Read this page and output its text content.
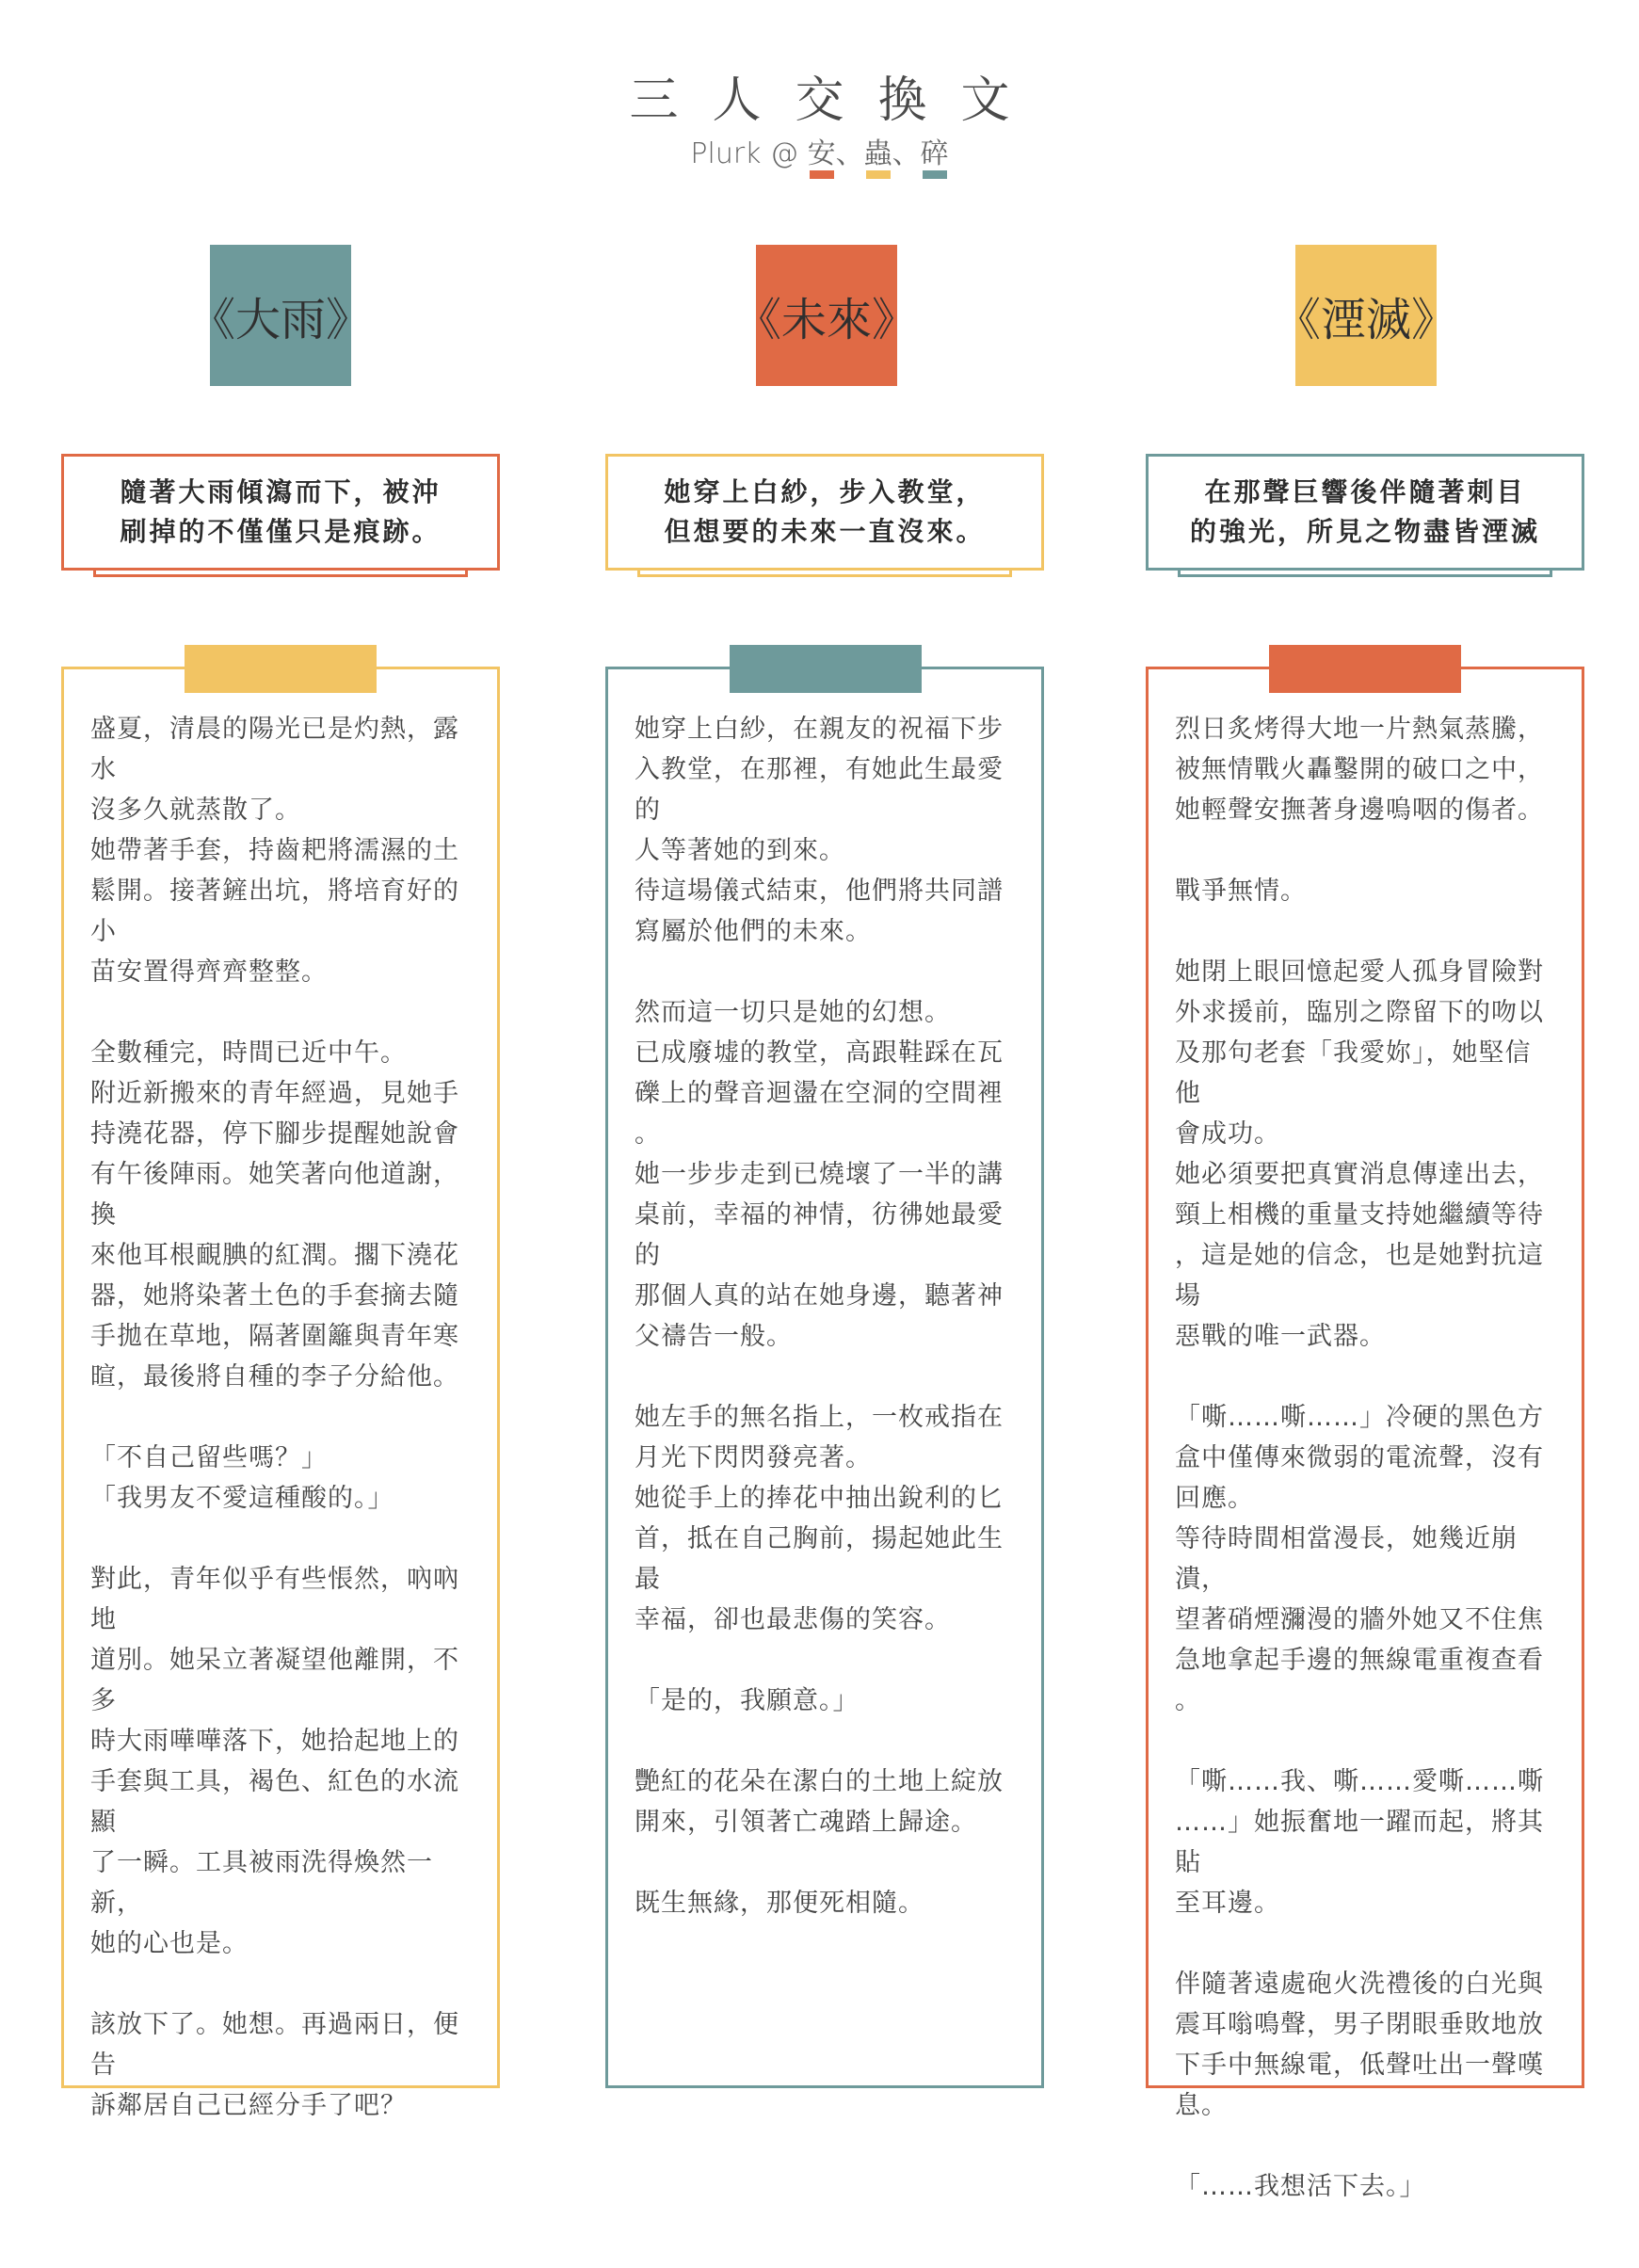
三人交換文
Plurk @ 安
、蟲
、碎
《大雨》
隨著大雨傾瀉而下，被沖
刷掉的不僅僅只是痕跡。
盛夏，清晨的陽光已是灼熱，露水
沒多久就蒸散了。
她帶著手套，持齒耙將濡濕的土
鬆開。接著鏟出坑，將培育好的小
苗安置得齊齊整整。
全數種完，時間已近中午。
附近新搬來的青年經過，見她手
持澆花器，停下腳步提醒她說會
有午後陣雨。她笑著向他道謝，換
來他耳根靦腆的紅潤。擱下澆花
器，她將染著土色的手套摘去隨
手拋在草地，隔著圍籬與青年寒
暄，最後將自種的李子分給他。
「不自己留些嗎？」
「我男友不愛這種酸的。」
對此，青年似乎有些悵然，吶吶地
道別。她呆立著凝望他離開，不多
時大雨嘩嘩落下，她拾起地上的
手套與工具，褐色、紅色的水流顯
了一瞬。工具被雨洗得煥然一新，
她的心也是。
該放下了。她想。再過兩日，便告
訴鄰居自己已經分手了吧？
《未來》
她穿上白紗，步入教堂，
但想要的未來一直沒來。
她穿上白紗，在親友的祝福下步
入教堂，在那裡，有她此生最愛的
人等著她的到來。
待這場儀式結束，他們將共同譜
寫屬於他們的未來。
然而這一切只是她的幻想。
已成廢墟的教堂，高跟鞋踩在瓦
礫上的聲音迴盪在空洞的空間裡
。
她一步步走到已燒壞了一半的講
桌前，幸福的神情，彷彿她最愛的
那個人真的站在她身邊，聽著神
父禱告一般。
她左手的無名指上，一枚戒指在
月光下閃閃發亮著。
她從手上的捧花中抽出銳利的匕
首，抵在自己胸前，揚起她此生最
幸福，卻也最悲傷的笑容。
「是的，我願意。」
艷紅的花朵在潔白的土地上綻放
開來，引領著亡魂踏上歸途。
既生無緣，那便死相隨。
《湮滅》
在那聲巨響後伴隨著刺目
的強光，所見之物盡皆湮滅
烈日炙烤得大地一片熱氣蒸騰，
被無情戰火轟鑿開的破口之中，
她輕聲安撫著身邊嗚咽的傷者。
戰爭無情。
她閉上眼回憶起愛人孤身冒險對
外求援前，臨別之際留下的吻以
及那句老套「我愛妳」，她堅信他
會成功。
她必須要把真實消息傳達出去，
頸上相機的重量支持她繼續等待
，這是她的信念，也是她對抗這場
惡戰的唯一武器。
「嘶……嘶……」冷硬的黑色方
盒中僅傳來微弱的電流聲，沒有
回應。
等待時間相當漫長，她幾近崩潰，
望著硝煙瀰漫的牆外她又不住焦
急地拿起手邊的無線電重複查看
。
「嘶……我、嘶……愛嘶……嘶
……」她振奮地一躍而起，將其貼
至耳邊。
伴隨著遠處砲火洗禮後的白光與
震耳嗡鳴聲，男子閉眼垂敗地放
下手中無線電，低聲吐出一聲嘆
息。
「……我想活下去。」
